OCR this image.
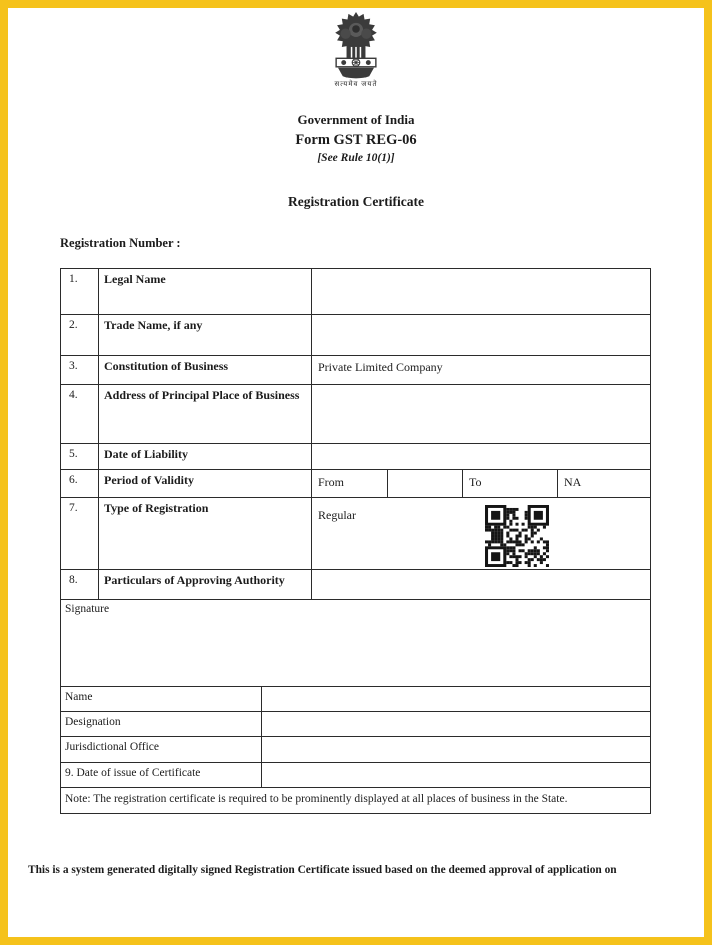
सत्यमेव जयते
Government of India
Form GST REG-06
[See Rule 10(1)]
Registration Certificate
Registration Number :
1.	Legal Name
2.	Trade Name, if any
3.	Constitution of Business	Private Limited Company
4.	Address of Principal Place of Business
5.	Date of Liability
6.	Period of Validity	From	To	NA
7.	Type of Registration	Regular
8.	Particulars of Approving Authority
Signature
Name
Designation
Jurisdictional Office
9. Date of issue of Certificate
Note: The registration certificate is required to be prominently displayed at all places of business in the State.
This is a system generated digitally signed Registration Certificate issued based on the deemed approval of application on
